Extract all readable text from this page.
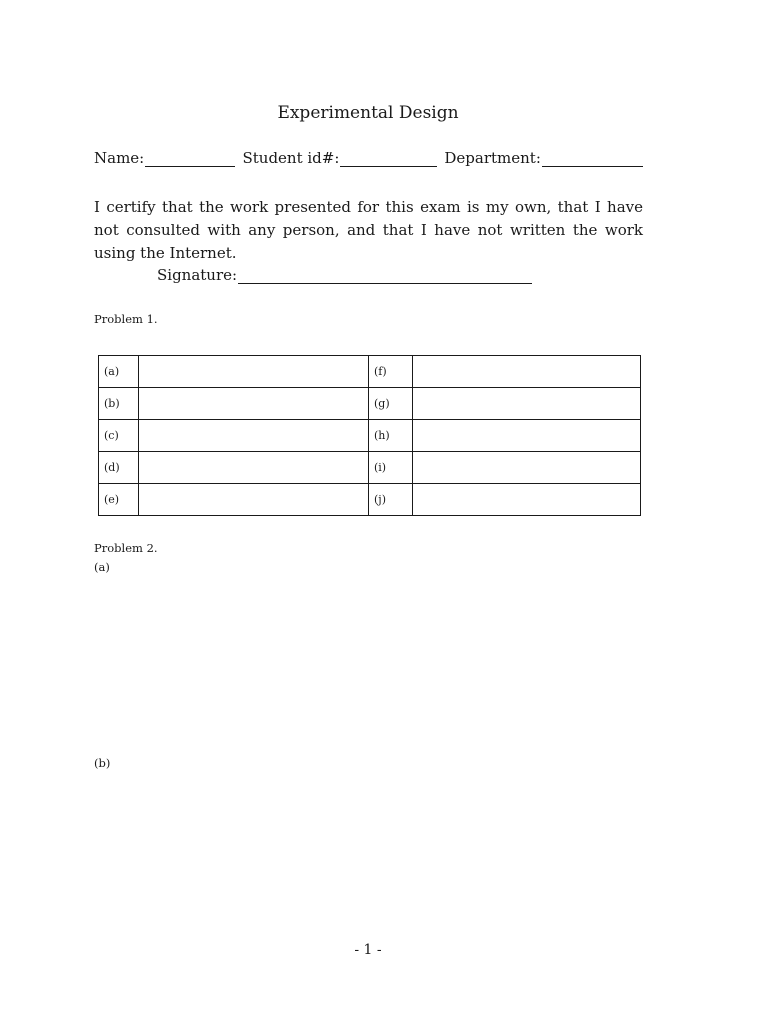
Experimental Design
Name:	Student id#:	Department:
I certify that the work presented for this exam is my own, that I have not consulted with any person, and that I have not written the work using the Internet.
Signature:
Problem 1.
(a)		(f)	
(b)		(g)	
(c)		(h)	
(d)		(i)	
(e)		(j)	
Problem 2.
(a)
(b)
- 1 -
